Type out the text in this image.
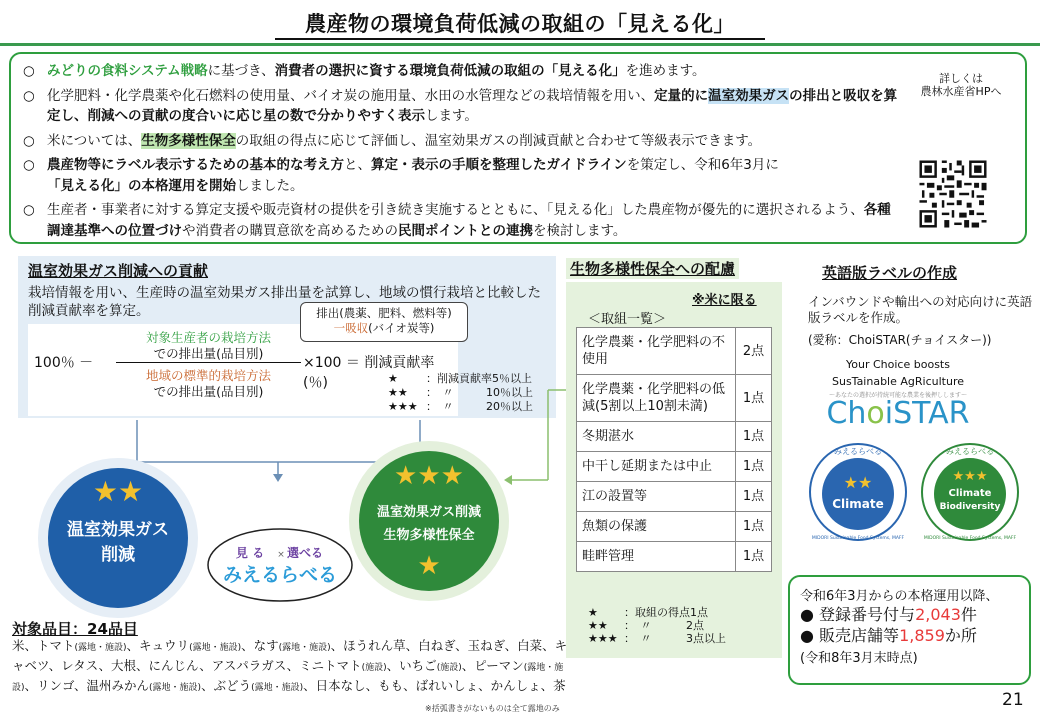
農産物の環境負荷低減の取組の「見える化」
○ みどりの食料システム戦略に基づき、消費者の選択に資する環境負荷低減の取組の「見える化」を進めます。
○ 化学肥料・化学農薬や化石燃料の使用量、バイオ炭の施用量、水田の水管理などの栽培情報を用い、定量的に温室効果ガスの排出と吸収を算定し、削減への貢献の度合いに応じ星の数で分かりやすく表示します。
○ 米については、生物多様性保全の取組の得点に応じて評価し、温室効果ガスの削減貢献と合わせて等級表示できます。
○ 農産物等にラベル表示するための基本的な考え方と、算定・表示の手順を整理したガイドラインを策定し、令和6年3月に
「見える化」の本格運用を開始しました。
○ 生産者・事業者に対する算定支援や販売資材の提供を引き続き実施するとともに、「見える化」した農産物が優先的に選択されるよう、各種調達基準への位置づけや消費者の購買意欲を高めるための民間ポイントとの連携を検討します。
詳しくは
農林水産省HPへ
温室効果ガス削減への貢献
栽培情報を用い、生産時の温室効果ガス排出量を試算し、地域の慣行栽培と比較した削減貢献率を算定。
100％ －
対象生産者の栽培方法
での排出量(品目別)
地域の標準的栽培方法
での排出量(品目別)
×100 ＝ 削減貢献率(％)
排出(農薬、肥料、燃料等)
一吸収(バイオ炭等)
★	：削減貢献率5％以上
★★	：　〃	10％以上
★★★ ：　〃	20％以上
★★
温室効果ガス
削減
★★★
温室効果ガス削減
生物多様性保全
★
見 る × 選べる
みえるらべる
生物多様性保全への配慮
※米に限る
＜取組一覧＞
化学農薬・化学肥料の不使用	2点
化学農薬・化学肥料の低減(5割以上10割未満)	1点
冬期湛水	1点
中干し延期または中止	1点
江の設置等	1点
魚類の保護	1点
畦畔管理	1点
★	：取組の得点1点
★★	：　〃	2点
★★★ ：　〃	3点以上
英語版ラベルの作成
インバウンドや輸出への対応向けに英語版ラベルを作成。
(愛称：ChoiSTAR(チョイスター))
Your Choice boosts
SusTainable AgRiculture
〜あなたの選択が持続可能な農業を後押しします〜
ChoiSTAR
みえるらべる
★★
Climate
MIDORI Sustainable Food Systems, MAFF
みえるらべる
★★★
Climate
Biodiversity
MIDORI Sustainable Food Systems, MAFF
令和6年3月からの本格運用以降、
● 登録番号付与2,043件
● 販売店舗等1,859か所
(令和8年3月末時点)
対象品目：24品目
米、トマト(露地・施設)、キュウリ(露地・施設)、なす(露地・施設)、ほうれん草、白ねぎ、玉ねぎ、白菜、キャベツ、レタス、大根、にんじん、アスパラガス、ミニトマト(施設)、いちご(施設)、ピーマン(露地・施設)、リンゴ、温州みかん(露地・施設)、ぶどう(露地・施設)、日本なし、もも、ばれいしょ、かんしょ、茶
※括弧書きがないものは全て露地のみ	21
